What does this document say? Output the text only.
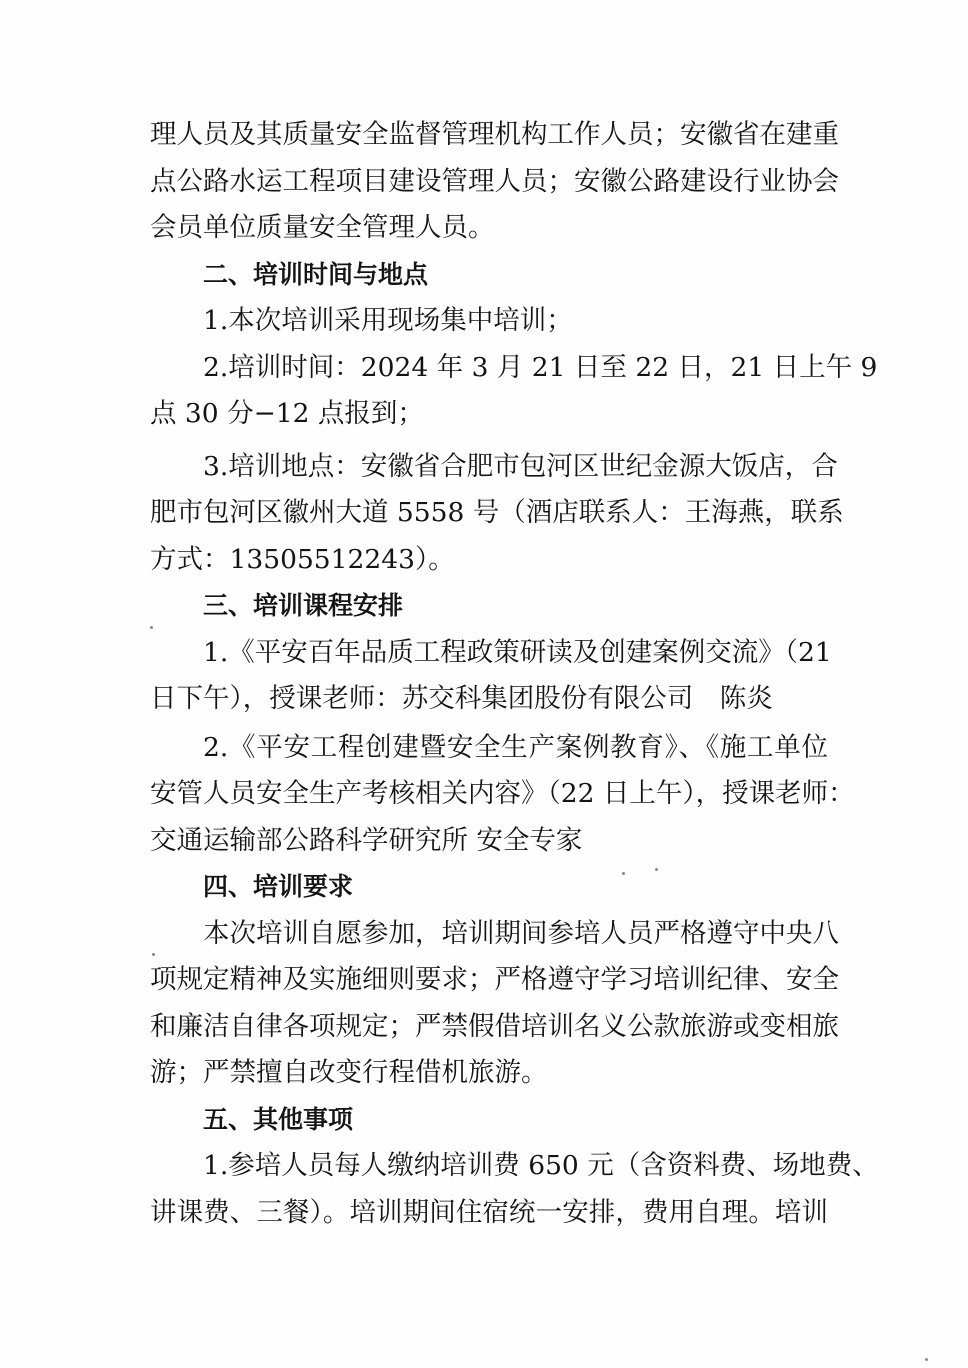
理人员及其质量安全监督管理机构工作人员；安徽省在建重
点公路水运工程项目建设管理人员；安徽公路建设行业协会
会员单位质量安全管理人员。
二、培训时间与地点
1.本次培训采用现场集中培训；
2.培训时间：2024 年 3 月 21 日至 22 日，21 日上午 9
点 30 分−12 点报到；
3.培训地点：安徽省合肥市包河区世纪金源大饭店，合
肥市包河区徽州大道 5558 号（酒店联系人：王海燕，联系
方式：13505512243）。
三、培训课程安排
1.《平安百年品质工程政策研读及创建案例交流》（21
日下午），授课老师：苏交科集团股份有限公司　陈炎
2.《平安工程创建暨安全生产案例教育》、《施工单位
安管人员安全生产考核相关内容》（22 日上午），授课老师：
交通运输部公路科学研究所 安全专家
四、培训要求
本次培训自愿参加，培训期间参培人员严格遵守中央八
项规定精神及实施细则要求；严格遵守学习培训纪律、安全
和廉洁自律各项规定；严禁假借培训名义公款旅游或变相旅
游；严禁擅自改变行程借机旅游。
五、其他事项
1.参培人员每人缴纳培训费 650 元（含资料费、场地费、
讲课费、三餐）。培训期间住宿统一安排，费用自理。培训
